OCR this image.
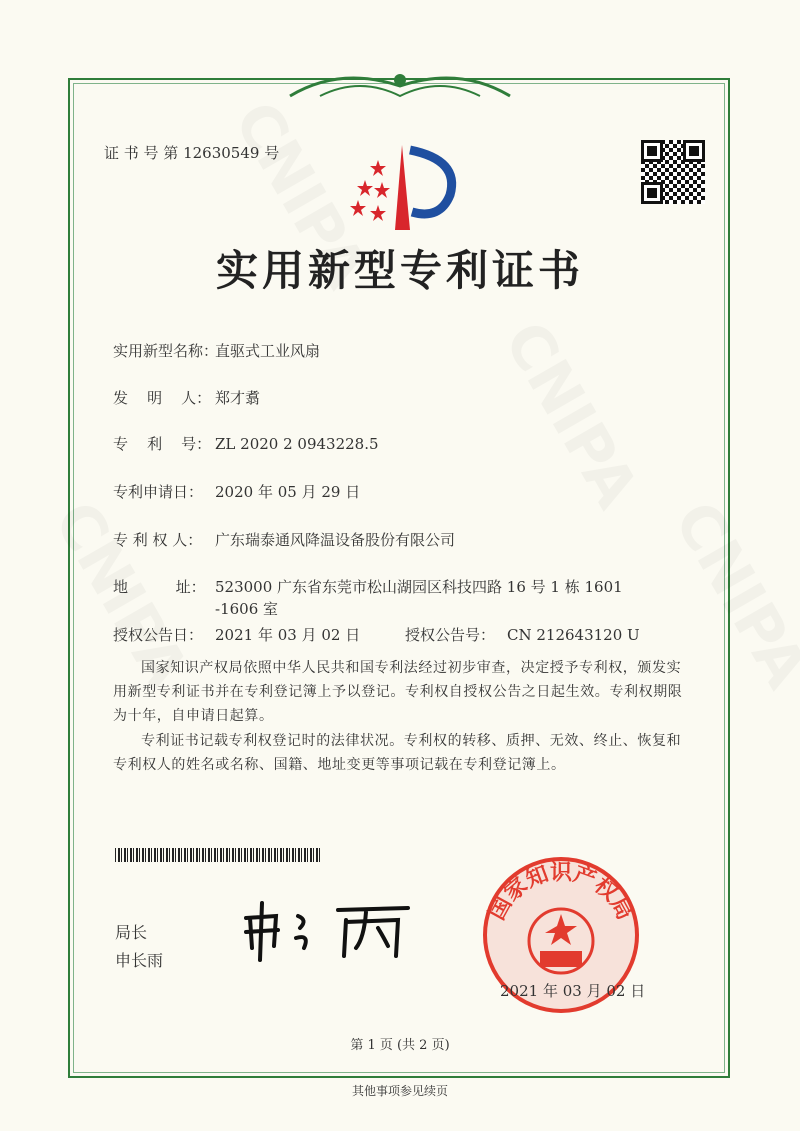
证 书 号 第 12630549 号
实用新型专利证书
实用新型名称：
直驱式工业风扇
发    明    人： 郑才翥
专    利    号： ZL 2020 2 0943228.5
专利申请日： 2020 年 05 月 29 日
专 利 权 人： 广东瑞泰通风降温设备股份有限公司
地          址： 523000 广东省东莞市松山湖园区科技四路 16 号 1 栋 1601-1606 室
授权公告日： 2021 年 03 月 02 日	授权公告号： CN 212643120 U
国家知识产权局依照中华人民共和国专利法经过初步审查，决定授予专利权，颁发实用新型专利证书并在专利登记簿上予以登记。专利权自授权公告之日起生效。专利权期限为十年，自申请日起算。
专利证书记载专利权登记时的法律状况。专利权的转移、质押、无效、终止、恢复和专利权人的姓名或名称、国籍、地址变更等事项记载在专利登记簿上。
局长
申长雨
国家知识产权局
2021 年 03 月 02 日
第 1 页 (共 2 页)
其他事项参见续页
